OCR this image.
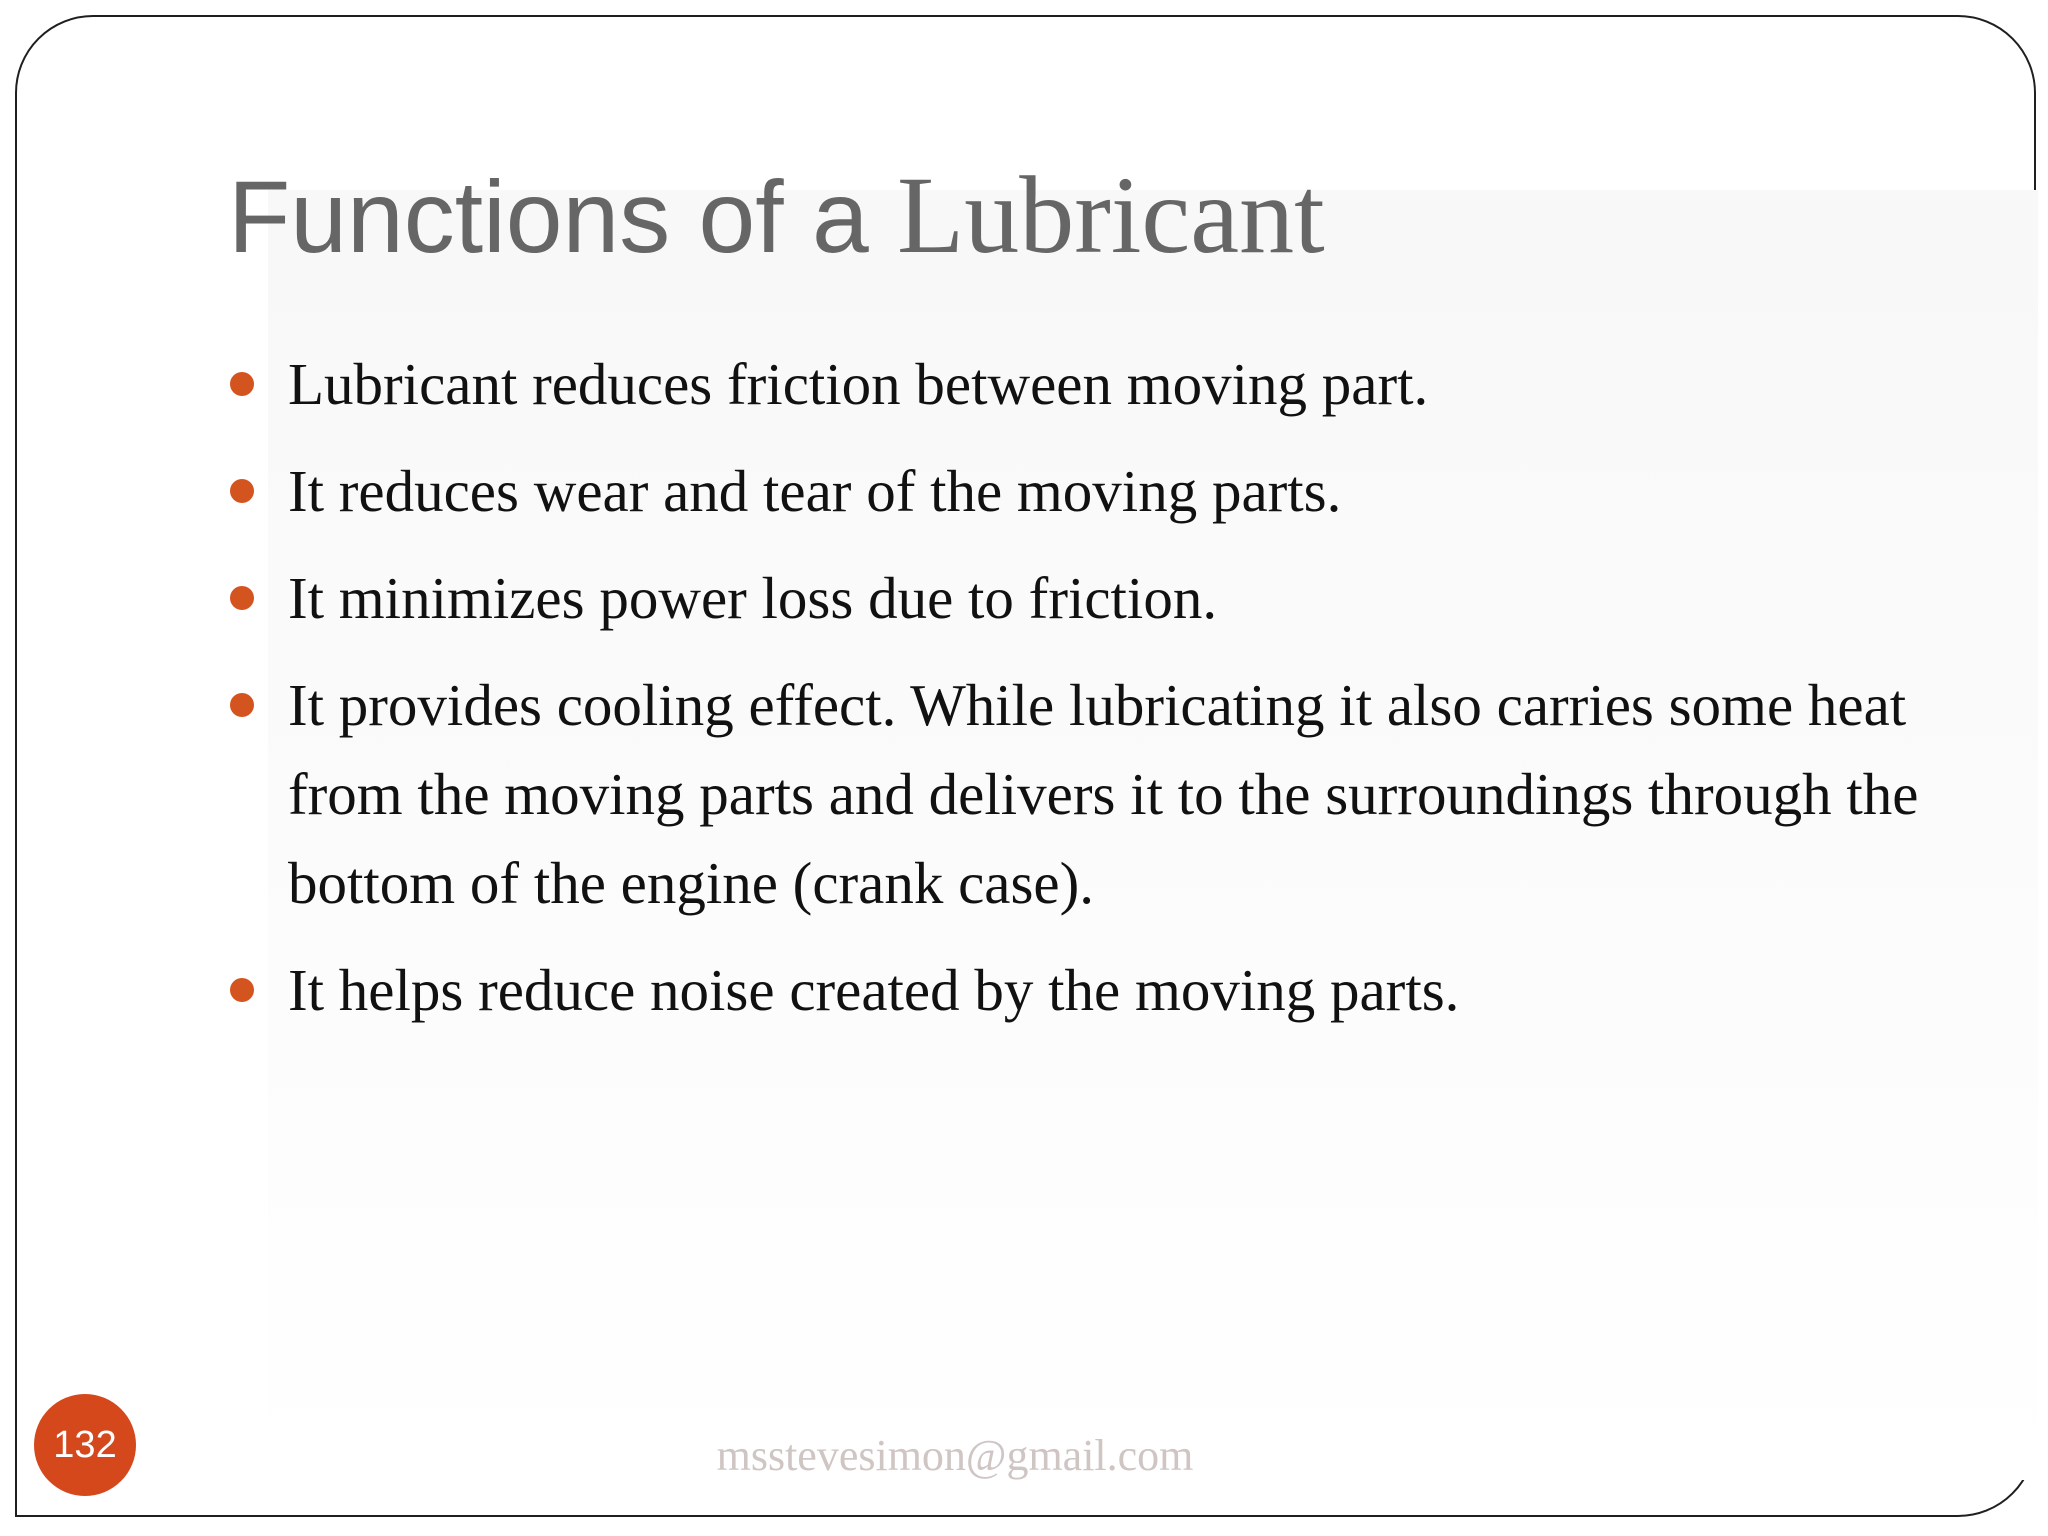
Functions of a Lubricant
Lubricant reduces friction between moving part.
It reduces wear and tear of the moving parts.
It minimizes power loss due to friction.
It provides cooling effect. While lubricating it also carries some heat from the moving parts and delivers it to the surroundings through the bottom of the engine (crank case).
It helps reduce noise created by the moving parts.
132	msstevesimon@gmail.com
